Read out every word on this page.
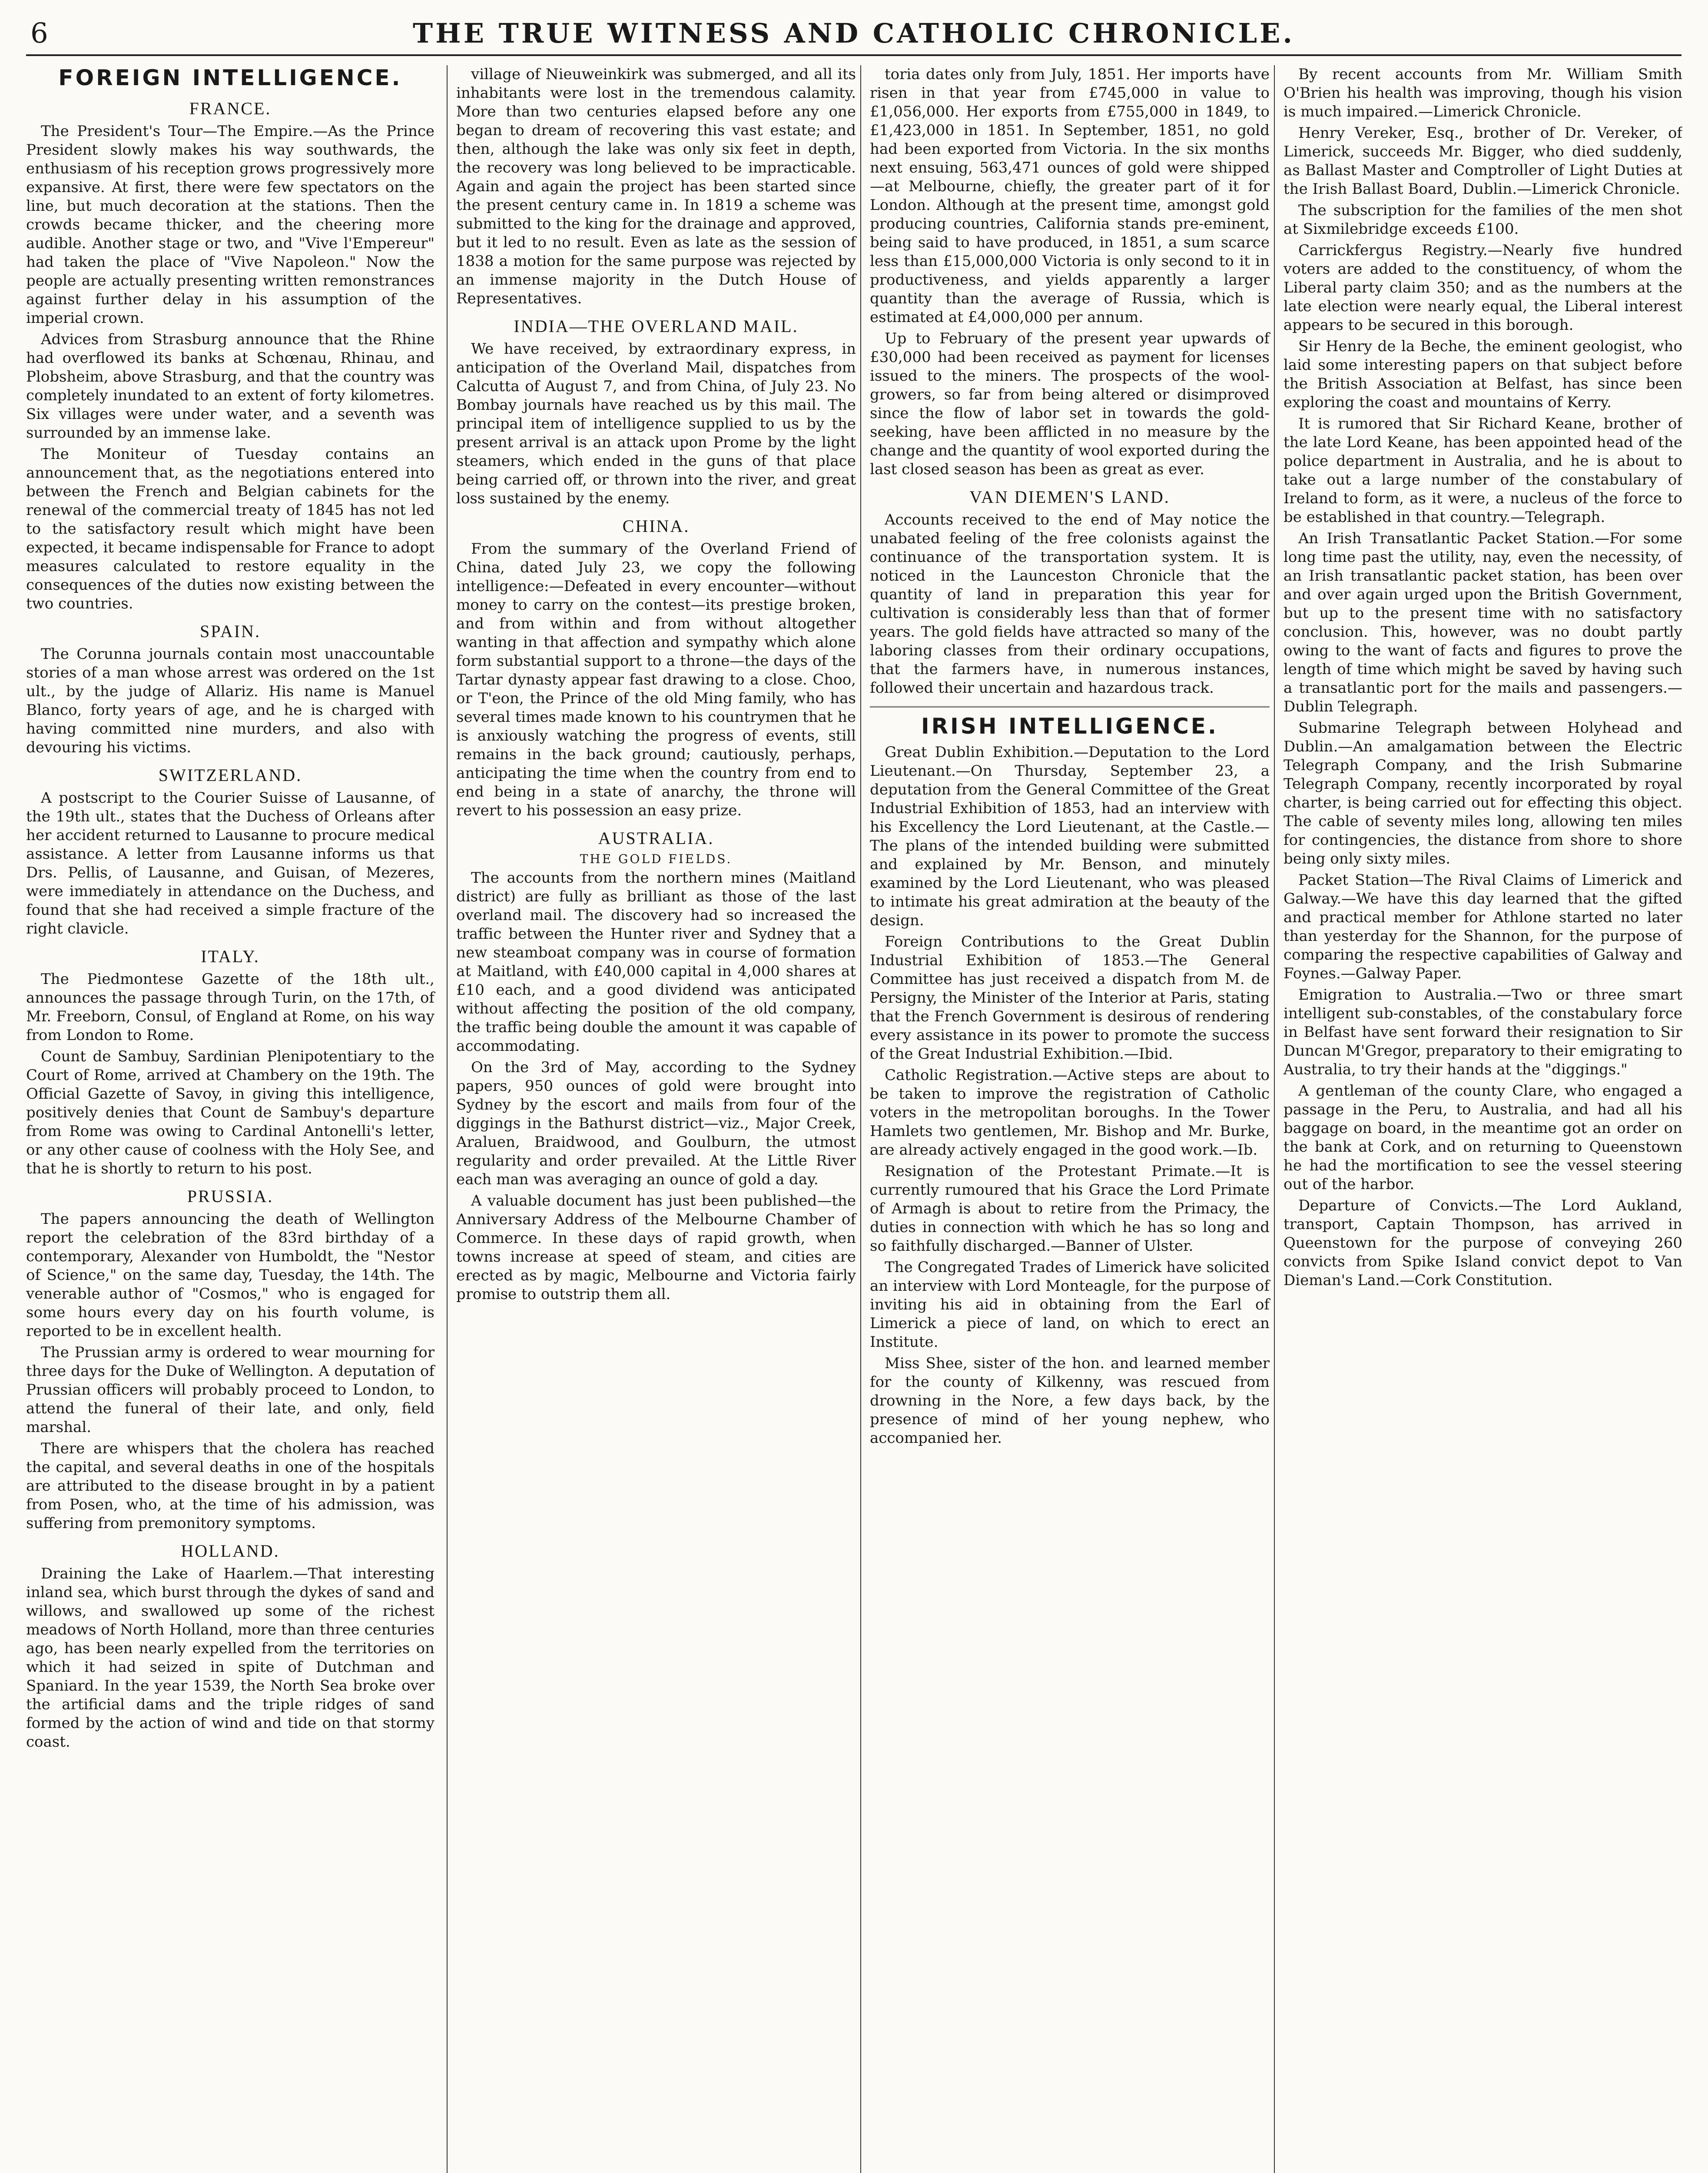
6	THE TRUE WITNESS AND CATHOLIC CHRONICLE.
FOREIGN INTELLIGENCE.
FRANCE.

The President's Tour—The Empire.—As the Prince President slowly makes his way southwards, the enthusiasm of his reception grows progressively more expansive. At first, there were few spectators on the line, but much decoration at the stations. Then the crowds became thicker, and the cheering more audible. Another stage or two, and "Vive l'Empereur" had taken the place of "Vive Napoleon." Now the people are actually presenting written remonstrances against further delay in his assumption of the imperial crown.

Advices from Strasburg announce that the Rhine had overflowed its banks at Schœnau, Rhinau, and Plobsheim, above Strasburg, and that the country was completely inundated to an extent of forty kilometres. Six villages were under water, and a seventh was surrounded by an immense lake.

The Moniteur of Tuesday contains an announcement that, as the negotiations entered into between the French and Belgian cabinets for the renewal of the commercial treaty of 1845 has not led to the satisfactory result which might have been expected, it became indispensable for France to adopt measures calculated to restore equality in the consequences of the duties now existing between the two countries.

SPAIN.

The Corunna journals contain most unaccountable stories of a man whose arrest was ordered on the 1st ult., by the judge of Allariz. His name is Manuel Blanco, forty years of age, and he is charged with having committed nine murders, and also with devouring his victims.

SWITZERLAND.

A postscript to the Courier Suisse of Lausanne, of the 19th ult., states that the Duchess of Orleans after her accident returned to Lausanne to procure medical assistance. A letter from Lausanne informs us that Drs. Pellis, of Lausanne, and Guisan, of Mezeres, were immediately in attendance on the Duchess, and found that she had received a simple fracture of the right clavicle.

ITALY.

The Piedmontese Gazette of the 18th ult., announces the passage through Turin, on the 17th, of Mr. Freeborn, Consul, of England at Rome, on his way from London to Rome.

Count de Sambuy, Sardinian Plenipotentiary to the Court of Rome, arrived at Chambery on the 19th. The Official Gazette of Savoy, in giving this intelligence, positively denies that Count de Sambuy's departure from Rome was owing to Cardinal Antonelli's letter, or any other cause of coolness with the Holy See, and that he is shortly to return to his post.

PRUSSIA.

The papers announcing the death of Wellington report the celebration of the 83rd birthday of a contemporary, Alexander von Humboldt, the "Nestor of Science," on the same day, Tuesday, the 14th. The venerable author of "Cosmos," who is engaged for some hours every day on his fourth volume, is reported to be in excellent health.

The Prussian army is ordered to wear mourning for three days for the Duke of Wellington. A deputation of Prussian officers will probably proceed to London, to attend the funeral of their late, and only, field marshal.

There are whispers that the cholera has reached the capital, and several deaths in one of the hospitals are attributed to the disease brought in by a patient from Posen, who, at the time of his admission, was suffering from premonitory symptoms.

HOLLAND.

Draining the Lake of Haarlem.—That interesting inland sea, which burst through the dykes of sand and willows, and swallowed up some of the richest meadows of North Holland, more than three centuries ago, has been nearly expelled from the territories on which it had seized in spite of Dutchman and Spaniard. In the year 1539, the North Sea broke over the artificial dams and the triple ridges of sand formed by the action of wind and tide on that stormy coast.

village of Nieuweinkirk was submerged, and all its inhabitants were lost in the tremendous calamity. More than two centuries elapsed before any one began to dream of recovering this vast estate; and then, although the lake was only six feet in depth, the recovery was long believed to be impracticable. Again and again the project has been started since the present century came in. In 1819 a scheme was submitted to the king for the drainage and approved, but it led to no result. Even as late as the session of 1838 a motion for the same purpose was rejected by an immense majority in the Dutch House of Representatives.

INDIA—THE OVERLAND MAIL.

We have received, by extraordinary express, in anticipation of the Overland Mail, dispatches from Calcutta of August 7, and from China, of July 23. No Bombay journals have reached us by this mail. The principal item of intelligence supplied to us by the present arrival is an attack upon Prome by the light steamers, which ended in the guns of that place being carried off, or thrown into the river, and great loss sustained by the enemy.

CHINA.

From the summary of the Overland Friend of China, dated July 23, we copy the following intelligence:—Defeated in every encounter—without money to carry on the contest—its prestige broken, and from within and from without altogether wanting in that affection and sympathy which alone form substantial support to a throne—the days of the Tartar dynasty appear fast drawing to a close. Choo, or T'eon, the Prince of the old Ming family, who has several times made known to his countrymen that he is anxiously watching the progress of events, still remains in the back ground; cautiously, perhaps, anticipating the time when the country from end to end being in a state of anarchy, the throne will revert to his possession an easy prize.

AUSTRALIA.
THE GOLD FIELDS.

The accounts from the northern mines (Maitland district) are fully as brilliant as those of the last overland mail. The discovery had so increased the traffic between the Hunter river and Sydney that a new steamboat company was in course of formation at Maitland, with £40,000 capital in 4,000 shares at £10 each, and a good dividend was anticipated without affecting the position of the old company, the traffic being double the amount it was capable of accommodating.

On the 3rd of May, according to the Sydney papers, 950 ounces of gold were brought into Sydney by the escort and mails from four of the diggings in the Bathurst district—viz., Major Creek, Araluen, Braidwood, and Goulburn, the utmost regularity and order prevailed. At the Little River each man was averaging an ounce of gold a day.

A valuable document has just been published—the Anniversary Address of the Melbourne Chamber of Commerce. In these days of rapid growth, when towns increase at speed of steam, and cities are erected as by magic, Melbourne and Victoria fairly promise to outstrip them all.

toria dates only from July, 1851. Her imports have risen in that year from £745,000 in value to £1,056,000. Her exports from £755,000 in 1849, to £1,423,000 in 1851. In September, 1851, no gold had been exported from Victoria. In the six months next ensuing, 563,471 ounces of gold were shipped—at Melbourne, chiefly, the greater part of it for London. Although at the present time, amongst gold producing countries, California stands pre-eminent, being said to have produced, in 1851, a sum scarce less than £15,000,000 Victoria is only second to it in productiveness, and yields apparently a larger quantity than the average of Russia, which is estimated at £4,000,000 per annum.

Up to February of the present year upwards of £30,000 had been received as payment for licenses issued to the miners. The prospects of the wool-growers, so far from being altered or disimproved since the flow of labor set in towards the gold-seeking, have been afflicted in no measure by the change and the quantity of wool exported during the last closed season has been as great as ever.

VAN DIEMEN'S LAND.

Accounts received to the end of May notice the unabated feeling of the free colonists against the continuance of the transportation system. It is noticed in the Launceston Chronicle that the quantity of land in preparation this year for cultivation is considerably less than that of former years. The gold fields have attracted so many of the laboring classes from their ordinary occupations, that the farmers have, in numerous instances, followed their uncertain and hazardous track.

IRISH INTELLIGENCE.

Great Dublin Exhibition.—Deputation to the Lord Lieutenant.—On Thursday, September 23, a deputation from the General Committee of the Great Industrial Exhibition of 1853, had an interview with his Excellency the Lord Lieutenant, at the Castle.—The plans of the intended building were submitted and explained by Mr. Benson, and minutely examined by the Lord Lieutenant, who was pleased to intimate his great admiration at the beauty of the design.

Foreign Contributions to the Great Dublin Industrial Exhibition of 1853.—The General Committee has just received a dispatch from M. de Persigny, the Minister of the Interior at Paris, stating that the French Government is desirous of rendering every assistance in its power to promote the success of the Great Industrial Exhibition.—Ibid.

Catholic Registration.—Active steps are about to be taken to improve the registration of Catholic voters in the metropolitan boroughs. In the Tower Hamlets two gentlemen, Mr. Bishop and Mr. Burke, are already actively engaged in the good work.—Ib.

Resignation of the Protestant Primate.—It is currently rumoured that his Grace the Lord Primate of Armagh is about to retire from the Primacy, the duties in connection with which he has so long and so faithfully discharged.—Banner of Ulster.

The Congregated Trades of Limerick have solicited an interview with Lord Monteagle, for the purpose of inviting his aid in obtaining from the Earl of Limerick a piece of land, on which to erect an Institute.

Miss Shee, sister of the hon. and learned member for the county of Kilkenny, was rescued from drowning in the Nore, a few days back, by the presence of mind of her young nephew, who accompanied her.

By recent accounts from Mr. William Smith O'Brien his health was improving, though his vision is much impaired.—Limerick Chronicle.

Henry Vereker, Esq., brother of Dr. Vereker, of Limerick, succeeds Mr. Bigger, who died suddenly, as Ballast Master and Comptroller of Light Duties at the Irish Ballast Board, Dublin.—Limerick Chronicle.

The subscription for the families of the men shot at Sixmilebridge exceeds £100.

Carrickfergus Registry.—Nearly five hundred voters are added to the constituency, of whom the Liberal party claim 350; and as the numbers at the late election were nearly equal, the Liberal interest appears to be secured in this borough.

Sir Henry de la Beche, the eminent geologist, who laid some interesting papers on that subject before the British Association at Belfast, has since been exploring the coast and mountains of Kerry.

It is rumored that Sir Richard Keane, brother of the late Lord Keane, has been appointed head of the police department in Australia, and he is about to take out a large number of the constabulary of Ireland to form, as it were, a nucleus of the force to be established in that country.—Telegraph.

An Irish Transatlantic Packet Station.—For some long time past the utility, nay, even the necessity, of an Irish transatlantic packet station, has been over and over again urged upon the British Government, but up to the present time with no satisfactory conclusion. This, however, was no doubt partly owing to the want of facts and figures to prove the length of time which might be saved by having such a transatlantic port for the mails and passengers.—Dublin Telegraph.

Submarine Telegraph between Holyhead and Dublin.—An amalgamation between the Electric Telegraph Company, and the Irish Submarine Telegraph Company, recently incorporated by royal charter, is being carried out for effecting this object. The cable of seventy miles long, allowing ten miles for contingencies, the distance from shore to shore being only sixty miles.

Packet Station—The Rival Claims of Limerick and Galway.—We have this day learned that the gifted and practical member for Athlone started no later than yesterday for the Shannon, for the purpose of comparing the respective capabilities of Galway and Foynes.—Galway Paper.

Emigration to Australia.—Two or three smart intelligent sub-constables, of the constabulary force in Belfast have sent forward their resignation to Sir Duncan M'Gregor, preparatory to their emigrating to Australia, to try their hands at the "diggings."

A gentleman of the county Clare, who engaged a passage in the Peru, to Australia, and had all his baggage on board, in the meantime got an order on the bank at Cork, and on returning to Queenstown he had the mortification to see the vessel steering out of the harbor.

Departure of Convicts.—The Lord Aukland, transport, Captain Thompson, has arrived in Queenstown for the purpose of conveying 260 convicts from Spike Island convict depot to Van Dieman's Land.—Cork Constitution.
